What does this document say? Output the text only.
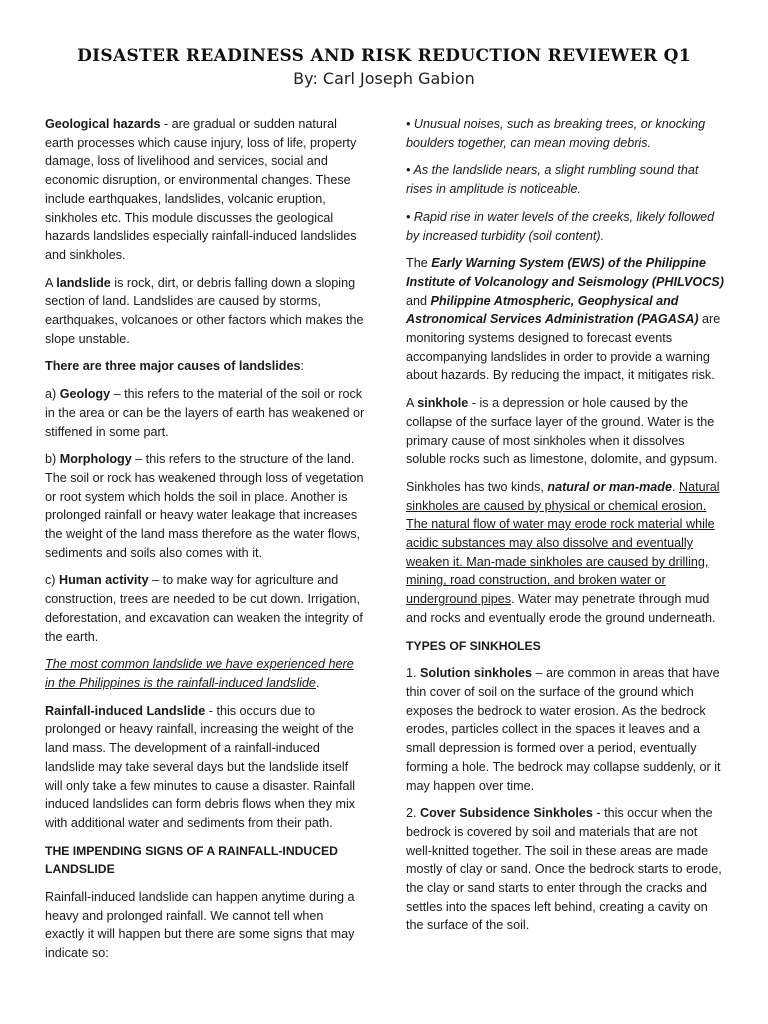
DISASTER READINESS AND RISK REDUCTION REVIEWER Q1
By: Carl Joseph Gabion

Geological hazards - are gradual or sudden natural earth processes which cause injury, loss of life, property damage, loss of livelihood and services, social and economic disruption, or environmental changes. These include earthquakes, landslides, volcanic eruption, sinkholes etc. This module discusses the geological hazards landslides especially rainfall-induced landslides and sinkholes.

A landslide is rock, dirt, or debris falling down a sloping section of land. Landslides are caused by storms, earthquakes, volcanoes or other factors which makes the slope unstable.

There are three major causes of landslides:

a) Geology – this refers to the material of the soil or rock in the area or can be the layers of earth has weakened or stiffened in some part.

b) Morphology – this refers to the structure of the land. The soil or rock has weakened through loss of vegetation or root system which holds the soil in place. Another is prolonged rainfall or heavy water leakage that increases the weight of the land mass therefore as the water flows, sediments and soils also comes with it.

c) Human activity – to make way for agriculture and construction, trees are needed to be cut down. Irrigation, deforestation, and excavation can weaken the integrity of the earth.

The most common landslide we have experienced here in the Philippines is the rainfall-induced landslide.

Rainfall-induced Landslide - this occurs due to prolonged or heavy rainfall, increasing the weight of the land mass. The development of a rainfall-induced landslide may take several days but the landslide itself will only take a few minutes to cause a disaster. Rainfall induced landslides can form debris flows when they mix with additional water and sediments from their path.

THE IMPENDING SIGNS OF A RAINFALL-INDUCED LANDSLIDE

Rainfall-induced landslide can happen anytime during a heavy and prolonged rainfall. We cannot tell when exactly it will happen but there are some signs that may indicate so:

• Unusual noises, such as breaking trees, or knocking boulders together, can mean moving debris.

• As the landslide nears, a slight rumbling sound that rises in amplitude is noticeable.

• Rapid rise in water levels of the creeks, likely followed by increased turbidity (soil content).

The Early Warning System (EWS) of the Philippine Institute of Volcanology and Seismology (PHILVOCS) and Philippine Atmospheric, Geophysical and Astronomical Services Administration (PAGASA) are monitoring systems designed to forecast events accompanying landslides in order to provide a warning about hazards. By reducing the impact, it mitigates risk.

A sinkhole - is a depression or hole caused by the collapse of the surface layer of the ground. Water is the primary cause of most sinkholes when it dissolves soluble rocks such as limestone, dolomite, and gypsum.

Sinkholes has two kinds, natural or man-made. Natural sinkholes are caused by physical or chemical erosion. The natural flow of water may erode rock material while acidic substances may also dissolve and eventually weaken it. Man-made sinkholes are caused by drilling, mining, road construction, and broken water or underground pipes. Water may penetrate through mud and rocks and eventually erode the ground underneath.

TYPES OF SINKHOLES

1. Solution sinkholes – are common in areas that have thin cover of soil on the surface of the ground which exposes the bedrock to water erosion. As the bedrock erodes, particles collect in the spaces it leaves and a small depression is formed over a period, eventually forming a hole. The bedrock may collapse suddenly, or it may happen over time.

2. Cover Subsidence Sinkholes - this occur when the bedrock is covered by soil and materials that are not well-knitted together. The soil in these areas are made mostly of clay or sand. Once the bedrock starts to erode, the clay or sand starts to enter through the cracks and settles into the spaces left behind, creating a cavity on the surface of the soil.
